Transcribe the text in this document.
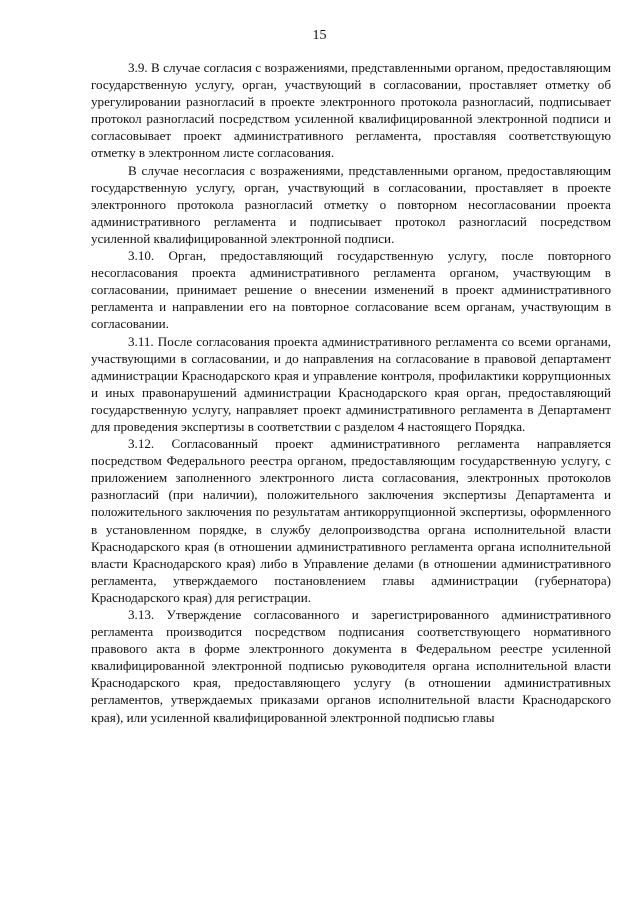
15

3.9. В случае согласия с возражениями, представленными органом, предоставляющим государственную услугу, орган, участвующий в согласовании, проставляет отметку об урегулировании разногласий в проекте электронного протокола разногласий, подписывает протокол разногласий посредством усиленной квалифицированной электронной подписи и согласовывает проект административного регламента, проставляя соответствующую отметку в электронном листе согласования.

В случае несогласия с возражениями, представленными органом, предоставляющим государственную услугу, орган, участвующий в согласовании, проставляет в проекте электронного протокола разногласий отметку о повторном несогласовании проекта административного регламента и подписывает протокол разногласий посредством усиленной квалифицированной электронной подписи.

3.10. Орган, предоставляющий государственную услугу, после повторного несогласования проекта административного регламента органом, участвующим в согласовании, принимает решение о внесении изменений в проект административного регламента и направлении его на повторное согласование всем органам, участвующим в согласовании.

3.11. После согласования проекта административного регламента со всеми органами, участвующими в согласовании, и до направления на согласование в правовой департамент администрации Краснодарского края и управление контроля, профилактики коррупционных и иных правонарушений администрации Краснодарского края орган, предоставляющий государственную услугу, направляет проект административного регламента в Департамент для проведения экспертизы в соответствии с разделом 4 настоящего Порядка.

3.12. Согласованный проект административного регламента направляется посредством Федерального реестра органом, предоставляющим государственную услугу, с приложением заполненного электронного листа согласования, электронных протоколов разногласий (при наличии), положительного заключения экспертизы Департамента и положительного заключения по результатам антикоррупционной экспертизы, оформленного в установленном порядке, в службу делопроизводства органа исполнительной власти Краснодарского края (в отношении административного регламента органа исполнительной власти Краснодарского края) либо в Управление делами (в отношении административного регламента, утверждаемого постановлением главы администрации (губернатора) Краснодарского края) для регистрации.

3.13. Утверждение согласованного и зарегистрированного административного регламента производится посредством подписания соответствующего нормативного правового акта в форме электронного документа в Федеральном реестре усиленной квалифицированной электронной подписью руководителя органа исполнительной власти Краснодарского края, предоставляющего услугу (в отношении административных регламентов, утверждаемых приказами органов исполнительной власти Краснодарского края), или усиленной квалифицированной электронной подписью главы
